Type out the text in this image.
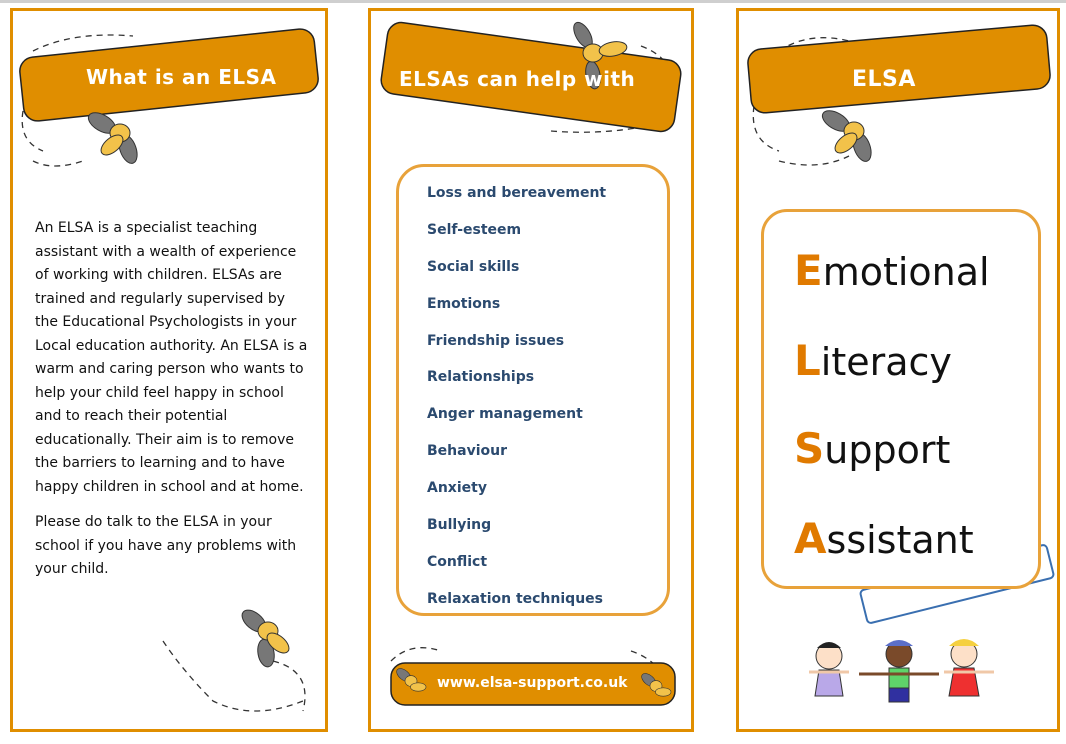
What is an ELSA

An ELSA is a specialist teaching assistant with a wealth of experience of working with children. ELSAs are trained and regularly supervised by the Educational Psychologists in your Local education authority. An ELSA is a warm and caring person who wants to help your child feel happy in school and to reach their potential educationally. Their aim is to remove the barriers to learning and to have happy children in school and at home.

Please do talk to the ELSA in your school if you have any problems with your child.

ELSAs can help with
Loss and bereavement
Self-esteem
Social skills
Emotions
Friendship issues
Relationships
Anger management
Behaviour
Anxiety
Bullying
Conflict
Relaxation techniques
www.elsa-support.co.uk
ELSA
Emotional
Literacy
Support
Assistant
